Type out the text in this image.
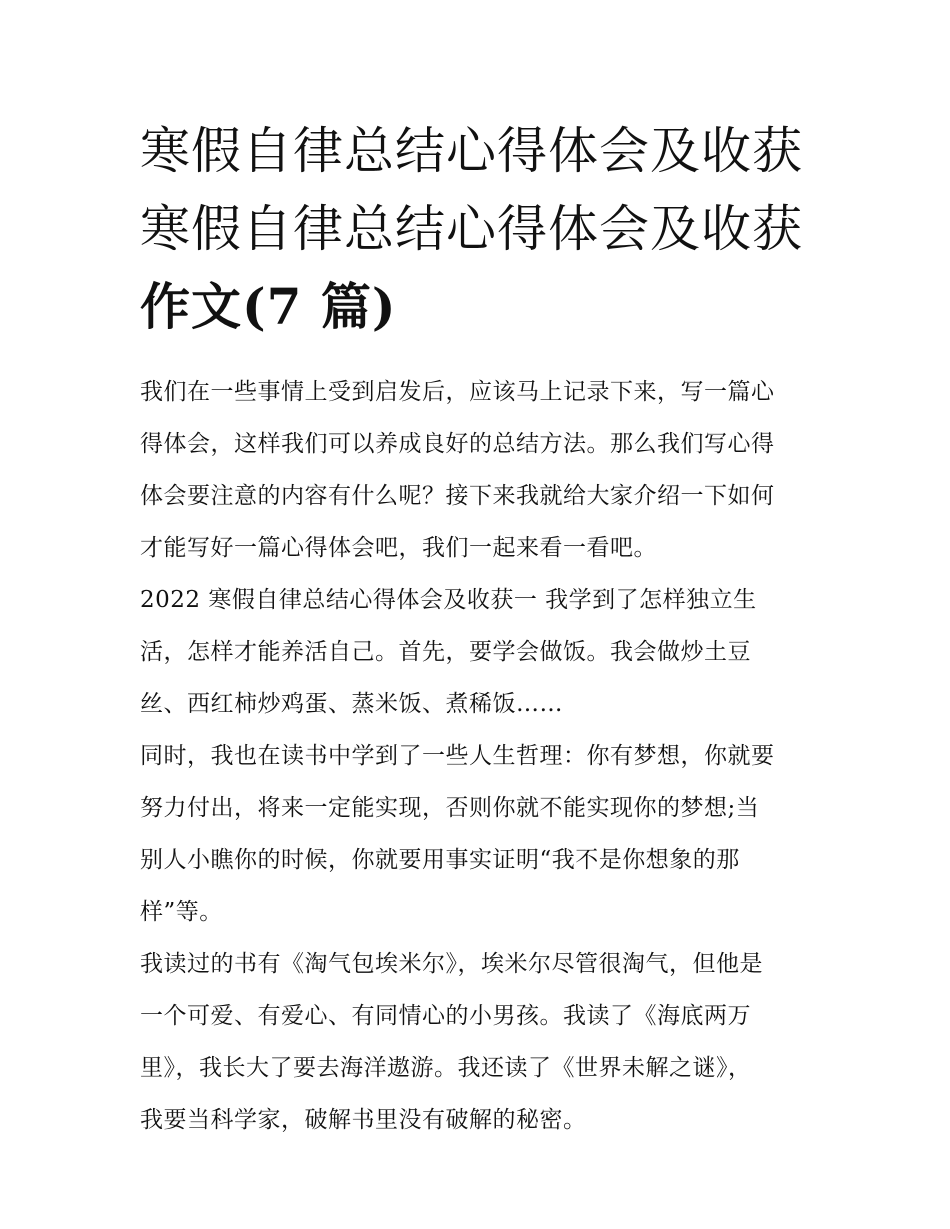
寒假自律总结心得体会及收获
寒假自律总结心得体会及收获
作文(7 篇)

我们在一些事情上受到启发后，应该马上记录下来，写一篇心
得体会，这样我们可以养成良好的总结方法。那么我们写心得
体会要注意的内容有什么呢？接下来我就给大家介绍一下如何
才能写好一篇心得体会吧，我们一起来看一看吧。

2022 寒假自律总结心得体会及收获一 我学到了怎样独立生
活，怎样才能养活自己。首先，要学会做饭。我会做炒土豆
丝、西红柿炒鸡蛋、蒸米饭、煮稀饭……

同时，我也在读书中学到了一些人生哲理：你有梦想，你就要
努力付出，将来一定能实现，否则你就不能实现你的梦想;当
别人小瞧你的时候，你就要用事实证明“我不是你想象的那
样”等。

我读过的书有《淘气包埃米尔》，埃米尔尽管很淘气，但他是
一个可爱、有爱心、有同情心的小男孩。我读了《海底两万
里》，我长大了要去海洋遨游。我还读了《世界未解之谜》，
我要当科学家，破解书里没有破解的秘密。
